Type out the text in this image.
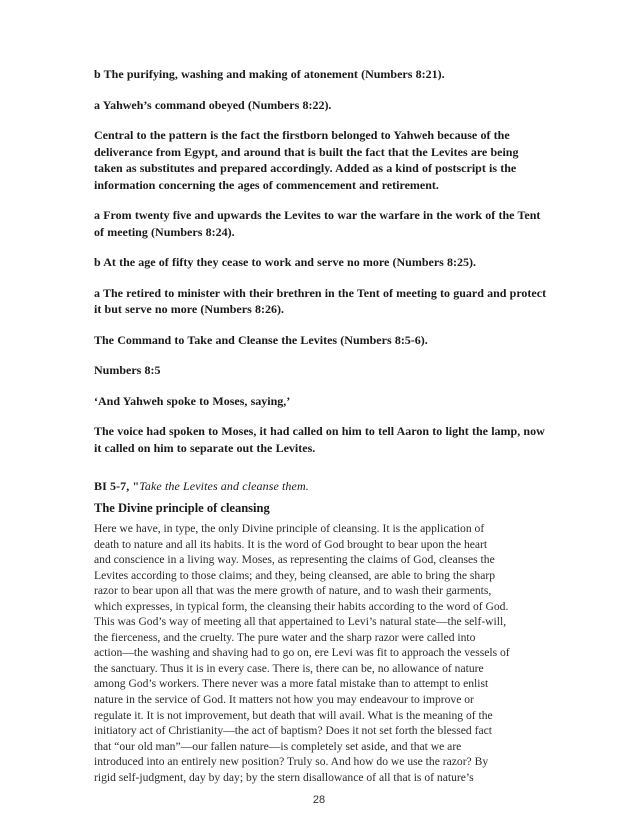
b The purifying, washing and making of atonement (Numbers 8:21).

a Yahweh’s command obeyed (Numbers 8:22).

Central to the pattern is the fact the firstborn belonged to Yahweh because of the deliverance from Egypt, and around that is built the fact that the Levites are being taken as substitutes and prepared accordingly. Added as a kind of postscript is the information concerning the ages of commencement and retirement.

a From twenty five and upwards the Levites to war the warfare in the work of the Tent of meeting (Numbers 8:24).

b At the age of fifty they cease to work and serve no more (Numbers 8:25).

a The retired to minister with their brethren in the Tent of meeting to guard and protect it but serve no more (Numbers 8:26).

The Command to Take and Cleanse the Levites (Numbers 8:5-6).

Numbers 8:5

‘And Yahweh spoke to Moses, saying,’

The voice had spoken to Moses, it had called on him to tell Aaron to light the lamp, now it called on him to separate out the Levites.

BI 5-7, "Take the Levites and cleanse them.

The Divine principle of cleansing

Here we have, in type, the only Divine principle of cleansing. It is the application of
death to nature and all its habits. It is the word of God brought to bear upon the heart
and conscience in a living way. Moses, as representing the claims of God, cleanses the
Levites according to those claims; and they, being cleansed, are able to bring the sharp
razor to bear upon all that was the mere growth of nature, and to wash their garments,
which expresses, in typical form, the cleansing their habits according to the word of God.
This was God’s way of meeting all that appertained to Levi’s natural state—the self-will,
the fierceness, and the cruelty. The pure water and the sharp razor were called into
action—the washing and shaving had to go on, ere Levi was fit to approach the vessels of
the sanctuary. Thus it is in every case. There is, there can be, no allowance of nature
among God’s workers. There never was a more fatal mistake than to attempt to enlist
nature in the service of God. It matters not how you may endeavour to improve or
regulate it. It is not improvement, but death that will avail. What is the meaning of the
initiatory act of Christianity—the act of baptism? Does it not set forth the blessed fact
that “our old man”—our fallen nature—is completely set aside, and that we are
introduced into an entirely new position? Truly so. And how do we use the razor? By
rigid self-judgment, day by day; by the stern disallowance of all that is of nature’s
28
